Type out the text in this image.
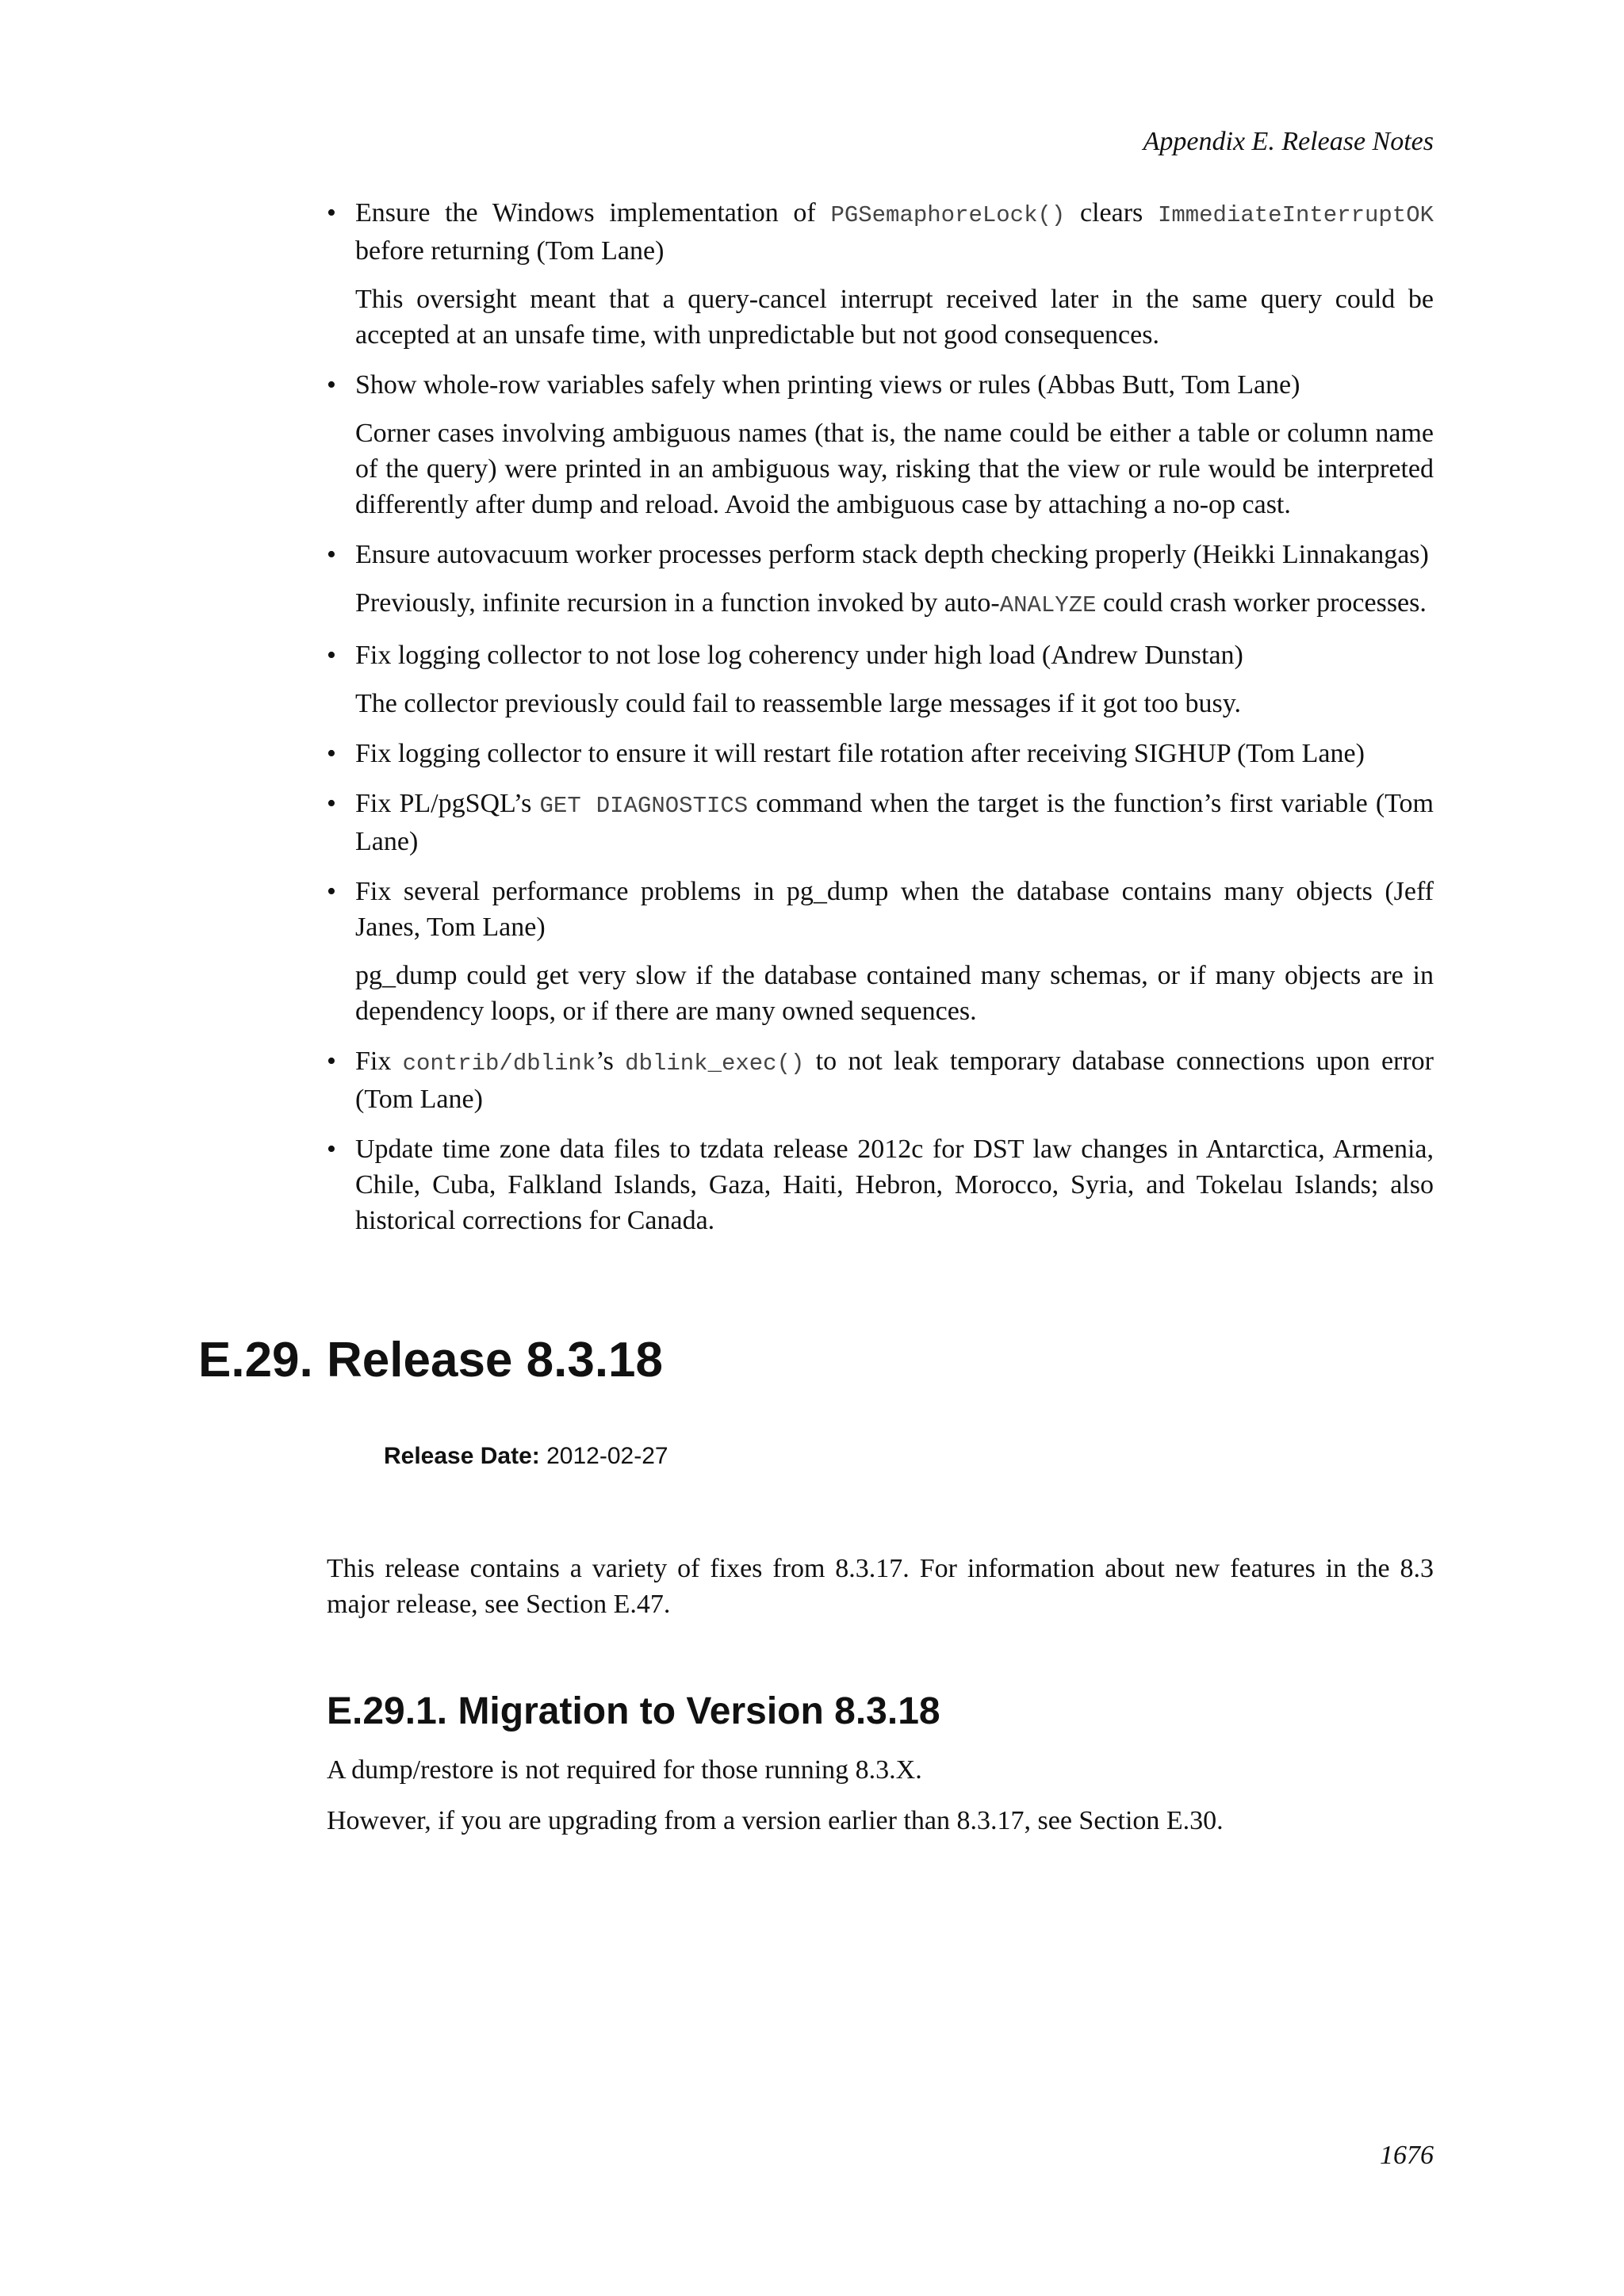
Appendix E. Release Notes
• Ensure the Windows implementation of PGSemaphoreLock() clears ImmediateInterruptOK before returning (Tom Lane)

This oversight meant that a query-cancel interrupt received later in the same query could be accepted at an unsafe time, with unpredictable but not good consequences.

• Show whole-row variables safely when printing views or rules (Abbas Butt, Tom Lane)

Corner cases involving ambiguous names (that is, the name could be either a table or column name of the query) were printed in an ambiguous way, risking that the view or rule would be interpreted differently after dump and reload. Avoid the ambiguous case by attaching a no-op cast.

• Ensure autovacuum worker processes perform stack depth checking properly (Heikki Linnakangas)

Previously, infinite recursion in a function invoked by auto-ANALYZE could crash worker processes.

• Fix logging collector to not lose log coherency under high load (Andrew Dunstan)

The collector previously could fail to reassemble large messages if it got too busy.

• Fix logging collector to ensure it will restart file rotation after receiving SIGHUP (Tom Lane)

• Fix PL/pgSQL’s GET DIAGNOSTICS command when the target is the function’s first variable (Tom Lane)

• Fix several performance problems in pg_dump when the database contains many objects (Jeff Janes, Tom Lane)

pg_dump could get very slow if the database contained many schemas, or if many objects are in dependency loops, or if there are many owned sequences.

• Fix contrib/dblink’s dblink_exec() to not leak temporary database connections upon error (Tom Lane)

• Update time zone data files to tzdata release 2012c for DST law changes in Antarctica, Armenia, Chile, Cuba, Falkland Islands, Gaza, Haiti, Hebron, Morocco, Syria, and Tokelau Islands; also historical corrections for Canada.

E.29. Release 8.3.18
Release Date: 2012-02-27

This release contains a variety of fixes from 8.3.17. For information about new features in the 8.3 major release, see Section E.47.

E.29.1. Migration to Version 8.3.18

A dump/restore is not required for those running 8.3.X.

However, if you are upgrading from a version earlier than 8.3.17, see Section E.30.

1676
